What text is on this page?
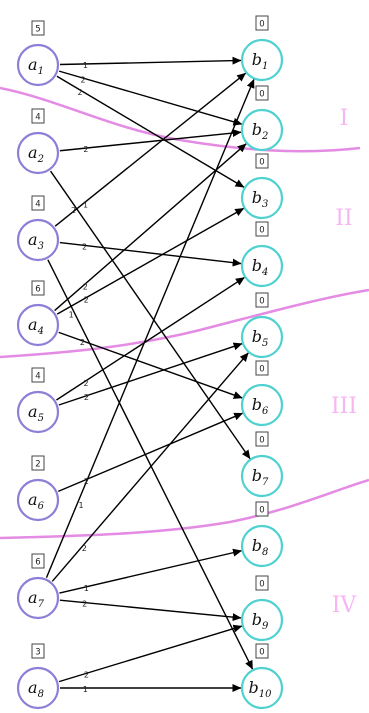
1
2
2
2
2
1
2
1
2
2
2
2
2
2
1
2
1
2
2
1
5
$a_1$
4
$a_2$
4
$a_3$
6
$a_4$
4
$a_5$
2
$a_6$
6
$a_7$
3
$a_8$
0
$b_1$
0
$b_2$
0
$b_3$
0
$b_4$
0
$b_5$
0
$b_6$
0
$b_7$
0
$b_8$
0
$b_9$
0
$b_{10}$
I
II
III
IV
